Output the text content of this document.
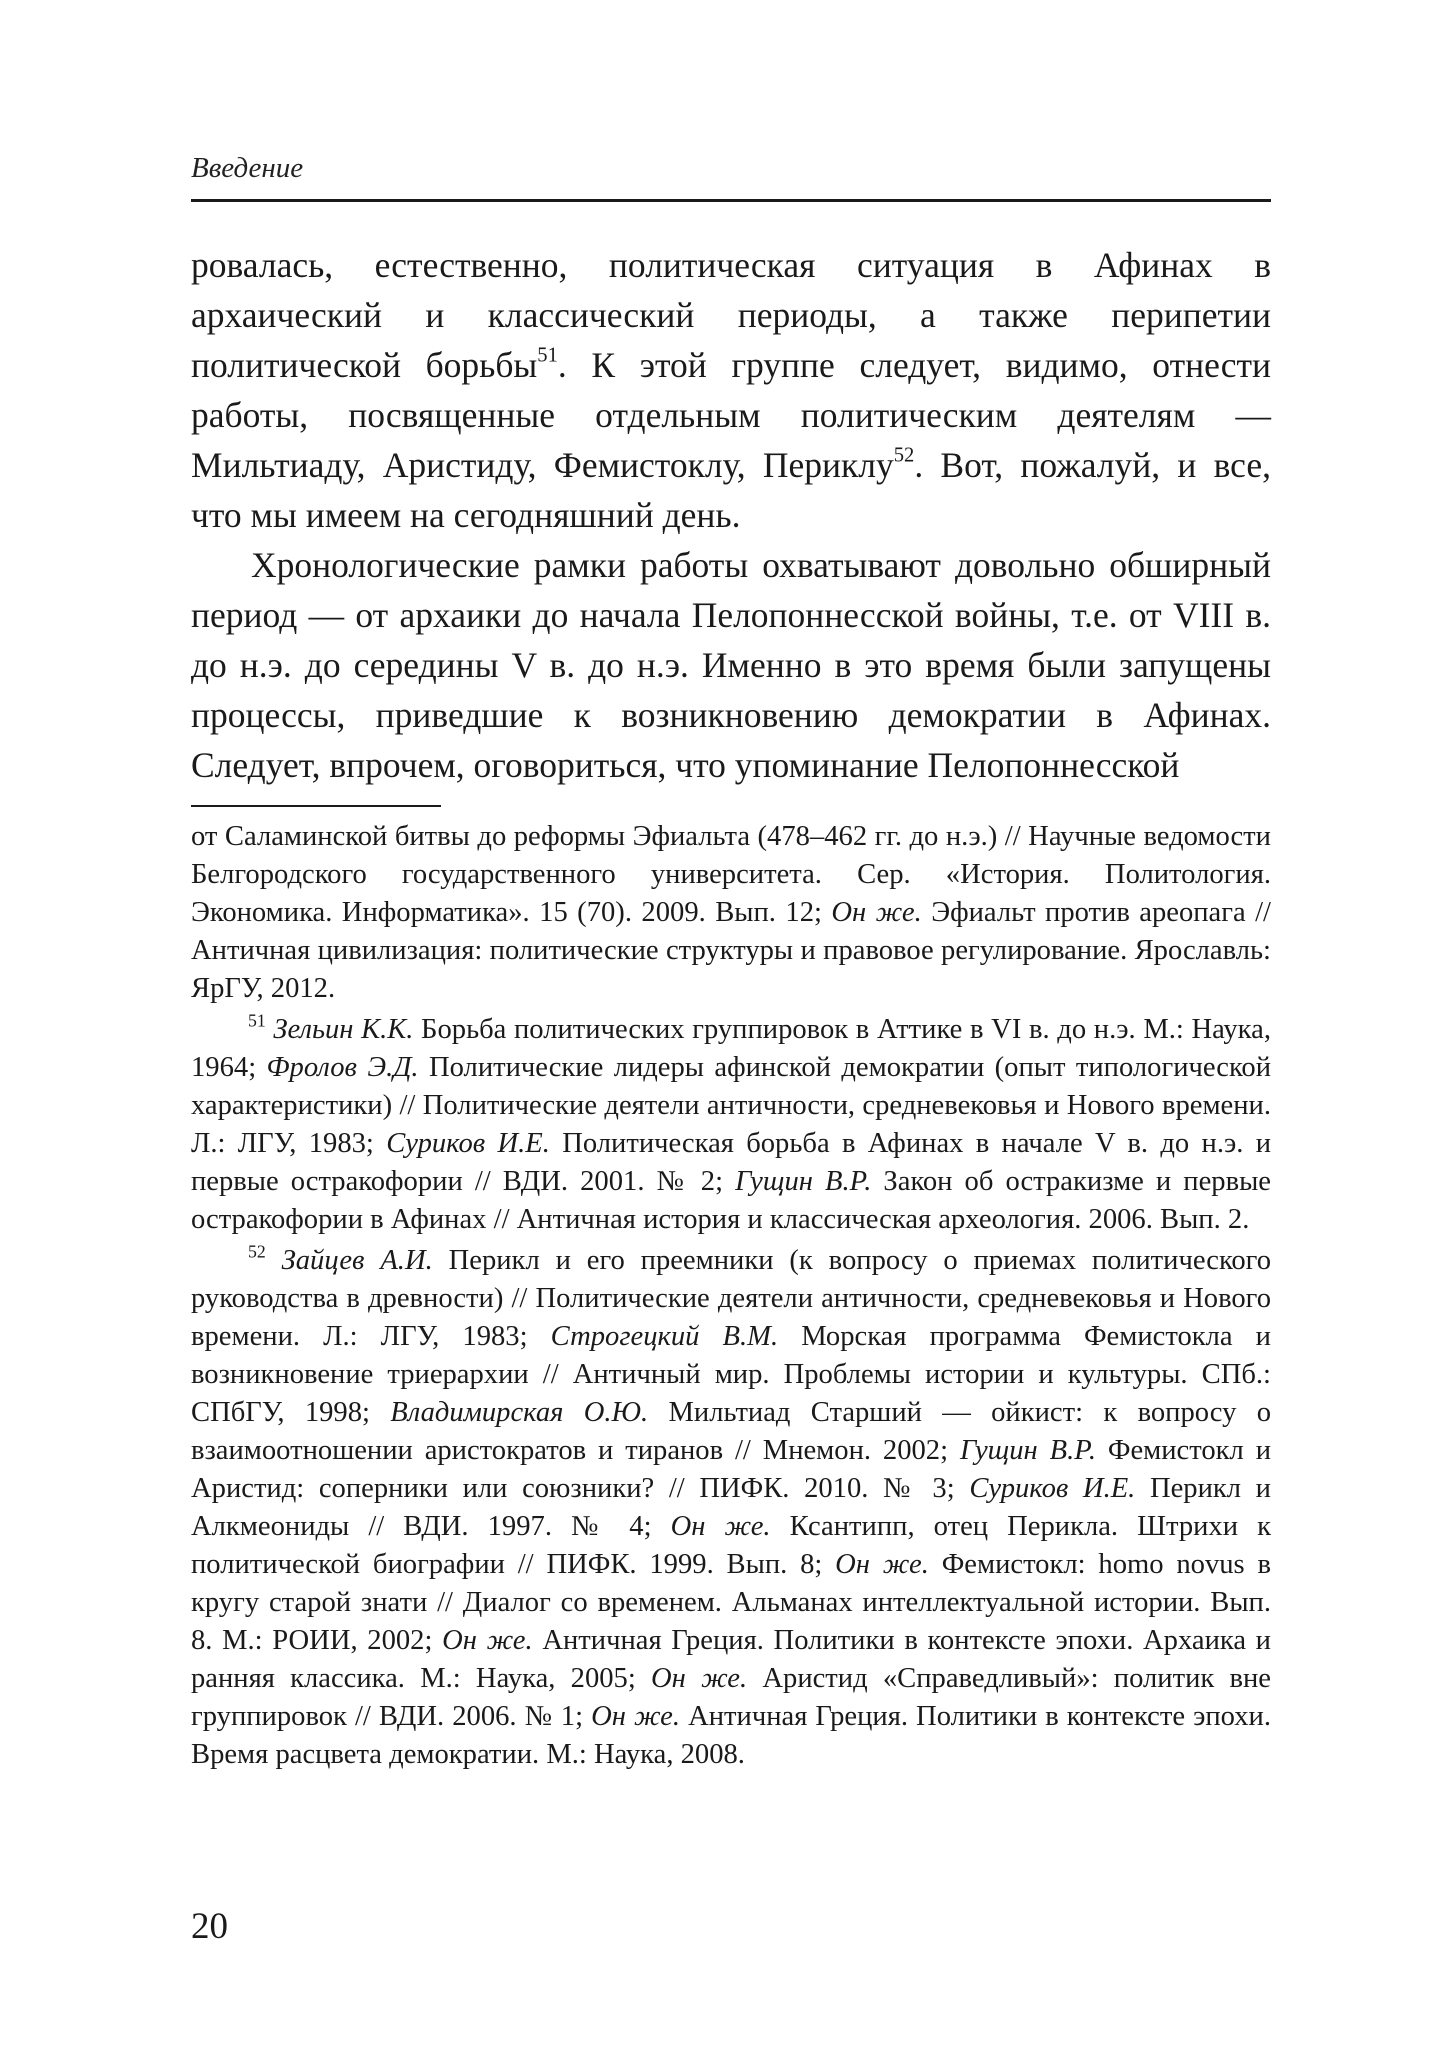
Введение

ровалась, естественно, политическая ситуация в Афинах в архаический и классический периоды, а также перипетии политической борьбы$^{51}$. К этой группе следует, видимо, отнести работы, посвященные отдельным политическим деятелям — Мильтиаду, Аристиду, Фемистоклу, Периклу$^{52}$. Вот, пожалуй, и все, что мы имеем на сегодняшний день.

Хронологические рамки работы охватывают довольно обширный период — от архаики до начала Пелопоннесской войны, т.е. от VIII в. до н.э. до середины V в. до н.э. Именно в это время были запущены процессы, приведшие к возникновению демократии в Афинах. Следует, впрочем, оговориться, что упоминание Пелопоннесской

от Саламинской битвы до реформы Эфиальта (478–462 гг. до н.э.) // Научные ведомости Белгородского государственного университета. Сер. «История. Политология. Экономика. Информатика». 15 (70). 2009. Вып. 12; Он же. Эфиальт против ареопага // Античная цивилизация: политические структуры и правовое регулирование. Ярославль: ЯрГУ, 2012.

$^{51}$ Зельин К.К. Борьба политических группировок в Аттике в VI в. до н.э. М.: Наука, 1964; Фролов Э.Д. Политические лидеры афинской демократии (опыт типологической характеристики) // Политические деятели античности, средневековья и Нового времени. Л.: ЛГУ, 1983; Суриков И.Е. Политическая борьба в Афинах в начале V в. до н.э. и первые остракофории // ВДИ. 2001. № 2; Гущин В.Р. Закон об остракизме и первые остракофории в Афинах // Античная история и классическая археология. 2006. Вып. 2.

$^{52}$ Зайцев А.И. Перикл и его преемники (к вопросу о приемах политического руководства в древности) // Политические деятели античности, средневековья и Нового времени. Л.: ЛГУ, 1983; Строгецкий В.М. Морская программа Фемистокла и возникновение триерархии // Античный мир. Проблемы истории и культуры. СПб.: СПбГУ, 1998; Владимирская О.Ю. Мильтиад Старший — ойкист: к вопросу о взаимоотношении аристократов и тиранов // Мнемон. 2002; Гущин В.Р. Фемистокл и Аристид: соперники или союзники? // ПИФК. 2010. № 3; Суриков И.Е. Перикл и Алкмеониды // ВДИ. 1997. № 4; Он же. Ксантипп, отец Перикла. Штрихи к политической биографии // ПИФК. 1999. Вып. 8; Он же. Фемистокл: homo novus в кругу старой знати // Диалог со временем. Альманах интеллектуальной истории. Вып. 8. М.: РОИИ, 2002; Он же. Античная Греция. Политики в контексте эпохи. Архаика и ранняя классика. М.: Наука, 2005; Он же. Аристид «Справедливый»: политик вне группировок // ВДИ. 2006. № 1; Он же. Античная Греция. Политики в контексте эпохи. Время расцвета демократии. М.: Наука, 2008.

20
